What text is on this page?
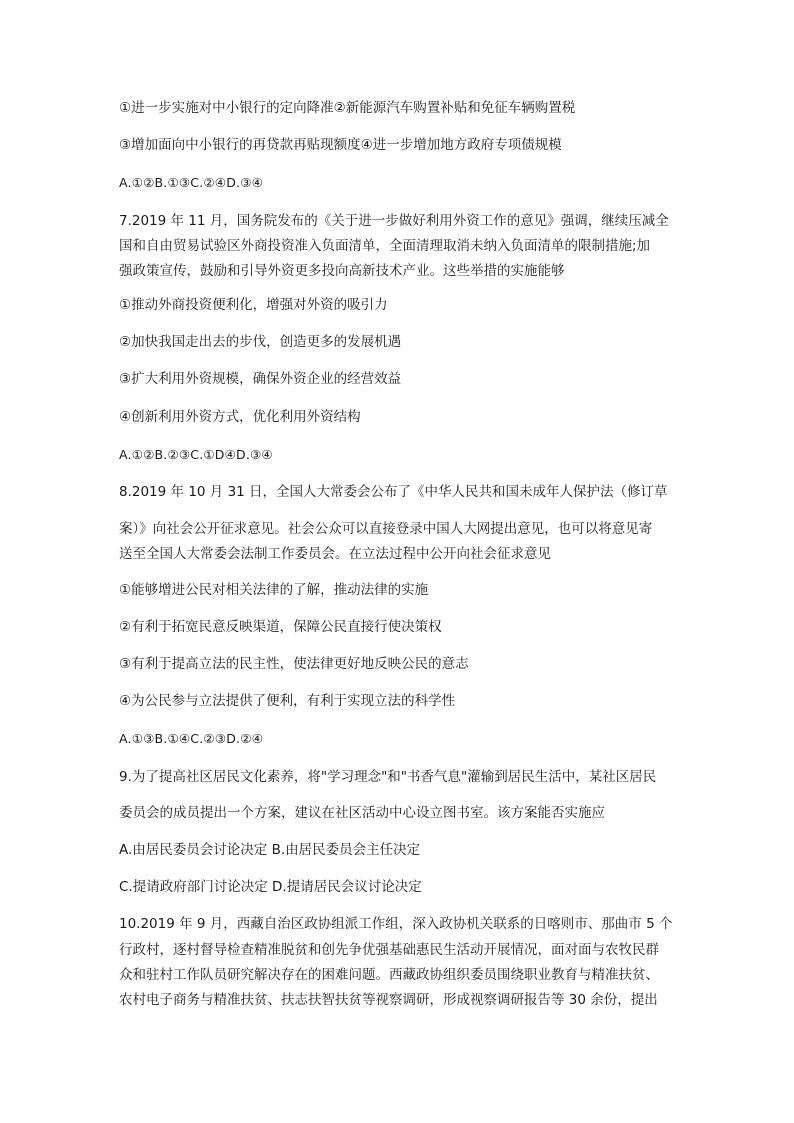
①进一步实施对中小银行的定向降准②新能源汽车购置补贴和免征车辆购置税
③增加面向中小银行的再贷款再贴现额度④进一步增加地方政府专项债规模
A.①②B.①③C.②④D.③④
7.2019 年 11 月，国务院发布的《关于进一步做好利用外资工作的意见》强调，继续压减全
国和自由贸易试验区外商投资准入负面清单，全面清理取消未纳入负面清单的限制措施;加
强政策宣传，鼓励和引导外资更多投向高新技术产业。这些举措的实施能够
①推动外商投资便利化，增强对外资的吸引力
②加快我国走出去的步伐，创造更多的发展机遇
③扩大利用外资规模，确保外资企业的经营效益
④创新利用外资方式，优化利用外资结构
A.①②B.②③C.①D④D.③④
8.2019 年 10 月 31 日，全国人大常委会公布了《中华人民共和国未成年人保护法（修订草
案）》向社会公开征求意见。社会公众可以直接登录中国人大网提出意见，也可以将意见寄
送至全国人大常委会法制工作委员会。在立法过程中公开向社会征求意见
①能够增进公民对相关法律的了解，推动法律的实施
②有利于拓宽民意反映渠道，保障公民直接行使决策权
③有利于提高立法的民主性，使法律更好地反映公民的意志
④为公民参与立法提供了便利，有利于实现立法的科学性
A.①③B.①④C.②③D.②④
9.为了提高社区居民文化素养，将"学习理念"和"书香气息"灌输到居民生活中，某社区居民
委员会的成员提出一个方案，建议在社区活动中心设立图书室。该方案能否实施应
A.由居民委员会讨论决定 B.由居民委员会主任决定
C.提请政府部门讨论决定 D.提请居民会议讨论决定
10.2019 年 9 月，西藏自治区政协组派工作组，深入政协机关联系的日喀则市、那曲市 5 个
行政村，逐村督导检查精准脱贫和创先争优强基础惠民生活动开展情况，面对面与农牧民群
众和驻村工作队员研究解决存在的困难问题。西藏政协组织委员围绕职业教育与精准扶贫、
农村电子商务与精准扶贫、扶志扶智扶贫等视察调研，形成视察调研报告等 30 余份，提出
